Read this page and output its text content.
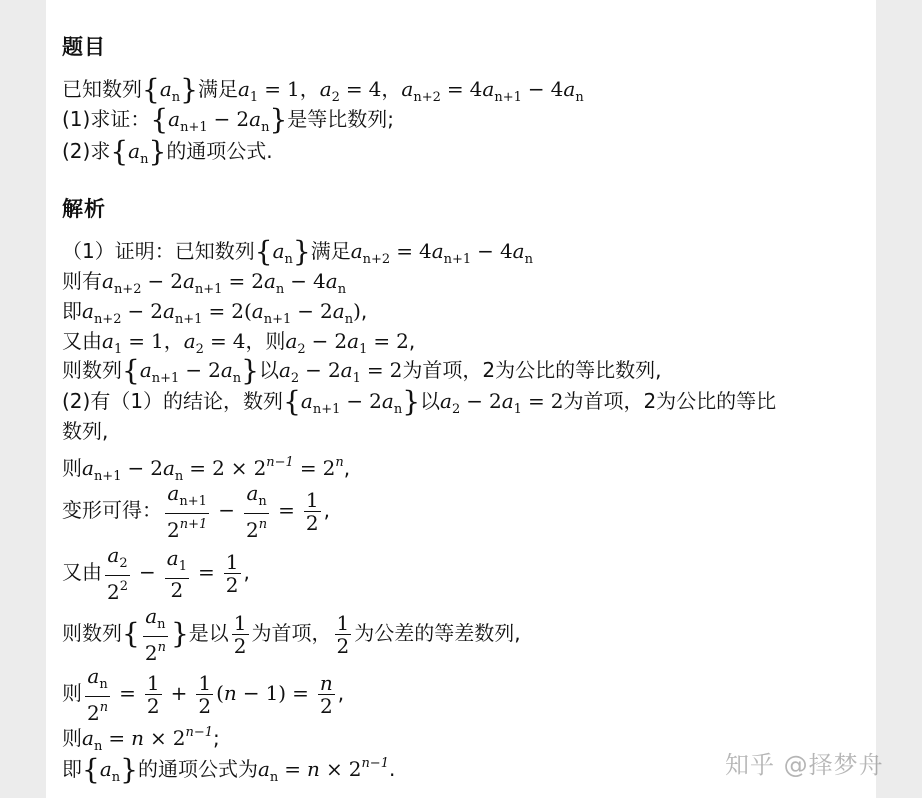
题目
已知数列$\{a_n\}$满足$a_1 = 1$，$a_2 = 4$，$a_{n+2} = 4a_{n+1} - 4a_n$
(1)求证：$\{a_{n+1} - 2a_n\}$是等比数列;
(2)求$\{a_n\}$的通项公式.
解析
（1）证明：已知数列$\{a_n\}$满足$a_{n+2} = 4a_{n+1} - 4a_n$
则有$a_{n+2} - 2a_{n+1} = 2a_n - 4a_n$
即$a_{n+2} - 2a_{n+1} = 2(a_{n+1} - 2a_n)$,
又由$a_1 = 1$，$a_2 = 4$，则$a_2 - 2a_1 = 2$,
则数列$\{a_{n+1} - 2a_n\}$以$a_2 - 2a_1 = 2$为首项，2为公比的等比数列,
(2)有（1）的结论，数列$\{a_{n+1} - 2a_n\}$以$a_2 - 2a_1 = 2$为首项，2为公比的等比
数列,
则$a_{n+1} - 2a_n = 2 \times 2^{n-1} = 2^n$,
变形可得： $\frac{a_{n+1}}{2^{n+1}} - \frac{a_n}{2^n} = \frac{1}{2}$ ,
又由 $\frac{a_2}{2^2} - \frac{a_1}{2} = \frac{1}{2}$ ,
则数列{ $\frac{a_n}{2^n}$ }是以 $\frac{1}{2}$ 为首项， $\frac{1}{2}$ 为公差的等差数列,
则 $\frac{a_n}{2^n} = \frac{1}{2} + \frac{1}{2} (n - 1) = \frac{n}{2}$ ,
则$a_n = n \times 2^{n-1}$;
即$\{a_n\}$的通项公式为$a_n = n \times 2^{n-1}$.	知乎 @择梦舟
